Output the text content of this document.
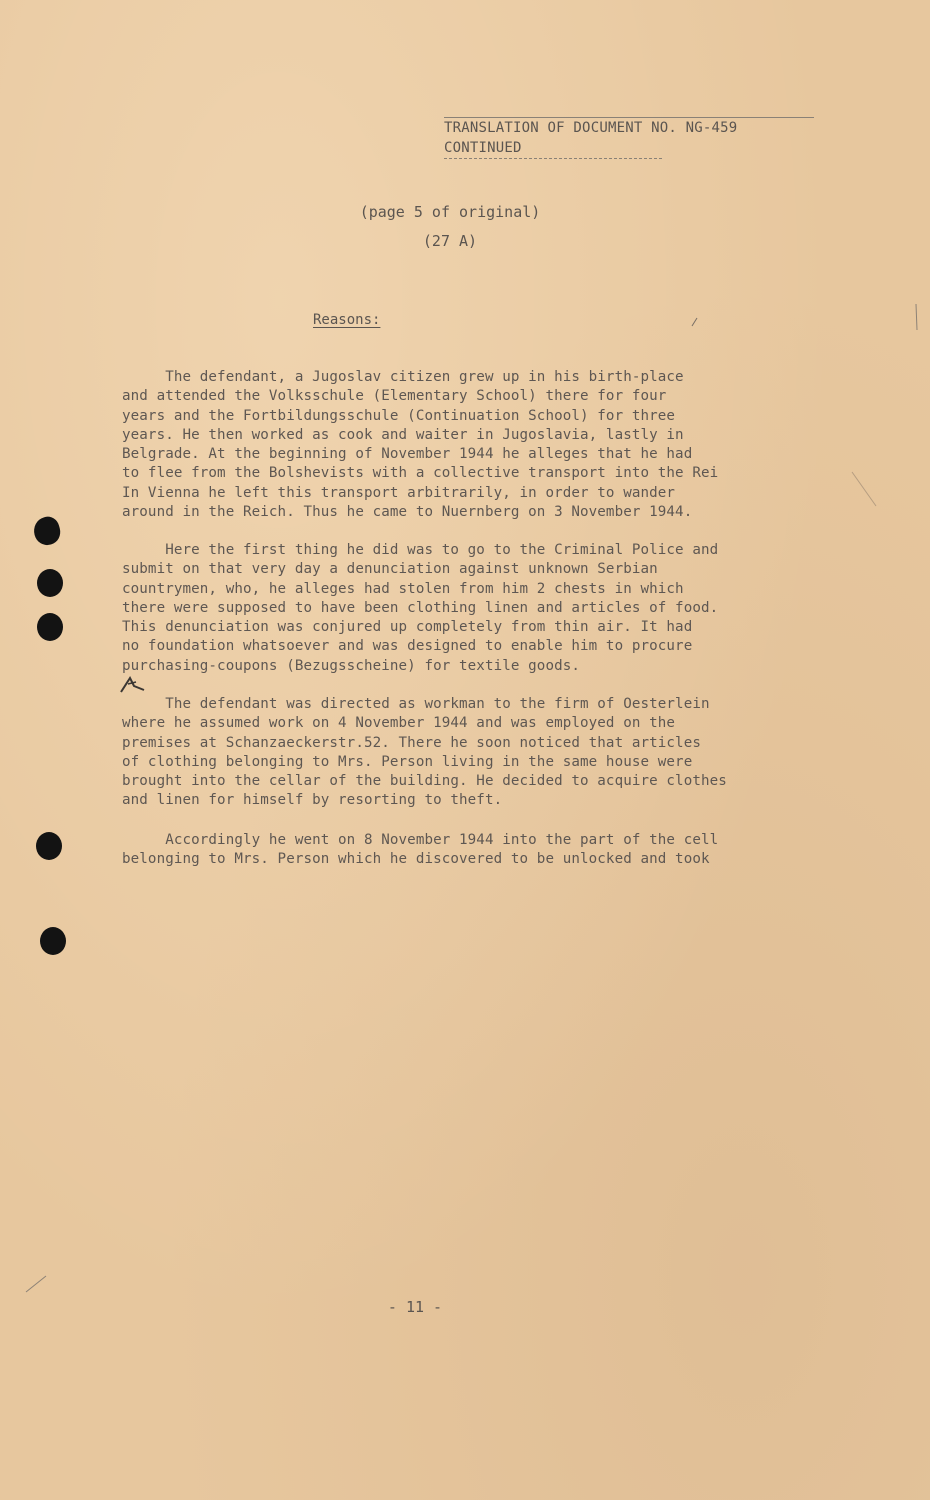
TRANSLATION OF DOCUMENT NO. NG-459
CONTINUED
(page 5 of original)
(27 A)
Reasons:
The defendant, a Jugoslav citizen grew up in his birth-place
and attended the Volksschule (Elementary School) there for four
years and the Fortbildungsschule (Continuation School) for three
years. He then worked as cook and waiter in Jugoslavia, lastly in
Belgrade. At the beginning of November 1944 he alleges that he had
to flee from the Bolshevists with a collective transport into the Rei
In Vienna he left this transport arbitrarily, in order to wander
around in the Reich. Thus he came to Nuernberg on 3 November 1944.
Here the first thing he did was to go to the Criminal Police and
submit on that very day a denunciation against unknown Serbian
countrymen, who, he alleges had stolen from him 2 chests in which
there were supposed to have been clothing linen and articles of food.
This denunciation was conjured up completely from thin air. It had
no foundation whatsoever and was designed to enable him to procure
purchasing-coupons (Bezugsscheine) for textile goods.
The defendant was directed as workman to the firm of Oesterlein
where he assumed work on 4 November 1944 and was employed on the
premises at Schanzaeckerstr.52. There he soon noticed that articles
of clothing belonging to Mrs. Person living in the same house were
brought into the cellar of the building. He decided to acquire clothes
and linen for himself by resorting to theft.
Accordingly he went on 8 November 1944 into the part of the cell
belonging to Mrs. Person which he discovered to be unlocked and took
- 11 -
